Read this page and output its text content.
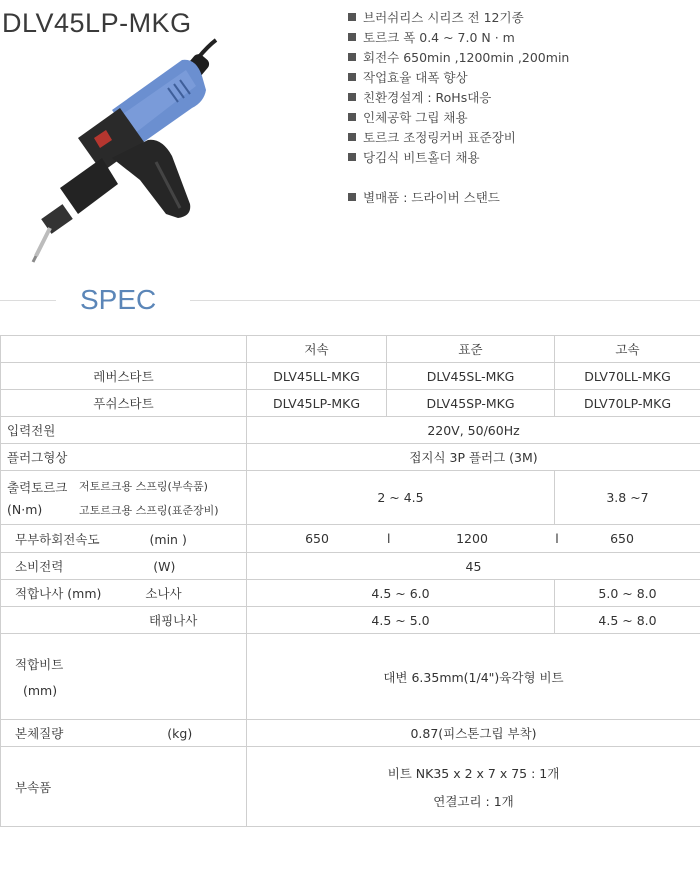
DLV45LP-MKG	브러쉬리스 시리즈 전 12기종
토르크 폭 0.4 ~ 7.0 N · m
회전수 650min ,1200min ,200min
작업효율 대폭 향상
친환경설계 : RoHs대응
인체공학 그립 채용
토르크 조정링커버 표준장비
당김식 비트홀더 채용
별매품 : 드라이버 스탠드
SPEC
	저속	표준	고속
레버스타트	DLV45LL-MKG	DLV45SL-MKG	DLV70LL-MKG
푸쉬스타트	DLV45LP-MKG	DLV45SP-MKG	DLV70LP-MKG
입력전원	220V, 50/60Hz		
플러그형상	접지식 3P 플러그 (3M)		

출력토르크
(N·m)
저토르크용 스프링(부속품)
고토르크용 스프링(표준장비)	2 ~ 4.5		3.8 ~7
무부하회전속도 (min )	650 l 1200 l 650		

소비전력 (W)	45		
적합나사 (mm) 소나사	4.5 ~ 6.0		5.0 ~ 8.0
태핑나사	4.5 ~ 5.0		4.5 ~ 8.0

적합비트
(mm)	대변 6.35mm(1/4")육각형 비트		
본체질량 (kg)	0.87(피스톤그립 부착)		
부속품	비트 NK35 x 2 x 7 x 75 : 1개
연결고리 : 1개		
